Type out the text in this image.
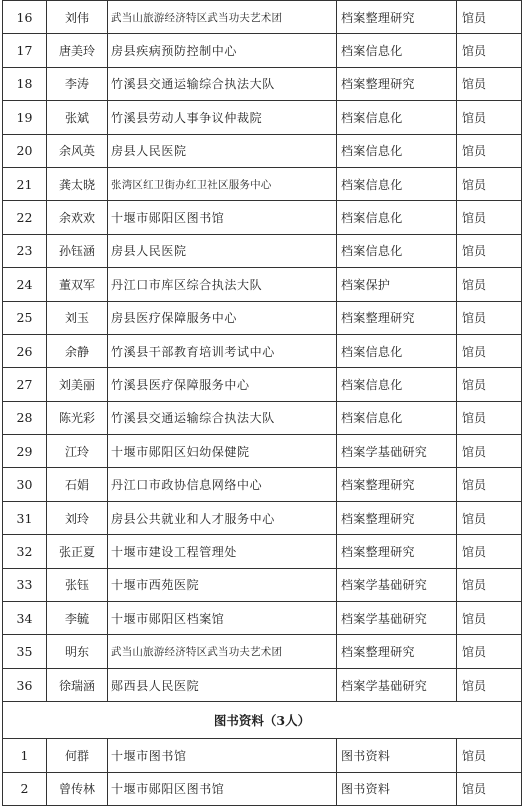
16	刘伟	武当山旅游经济特区武当功夫艺术团	档案整理研究	馆员
17	唐美玲	房县疾病预防控制中心	档案信息化	馆员
18	李涛	竹溪县交通运输综合执法大队	档案整理研究	馆员
19	张斌	竹溪县劳动人事争议仲裁院	档案信息化	馆员
20	余风英	房县人民医院	档案信息化	馆员
21	龚太晓	张湾区红卫街办红卫社区服务中心	档案信息化	馆员
22	余欢欢	十堰市郧阳区图书馆	档案信息化	馆员
23	孙钰涵	房县人民医院	档案信息化	馆员
24	董双军	丹江口市库区综合执法大队	档案保护	馆员
25	刘玉	房县医疗保障服务中心	档案整理研究	馆员
26	余静	竹溪县干部教育培训考试中心	档案信息化	馆员
27	刘美丽	竹溪县医疗保障服务中心	档案信息化	馆员
28	陈光彩	竹溪县交通运输综合执法大队	档案信息化	馆员
29	江玲	十堰市郧阳区妇幼保健院	档案学基础研究	馆员
30	石娟	丹江口市政协信息网络中心	档案整理研究	馆员
31	刘玲	房县公共就业和人才服务中心	档案整理研究	馆员
32	张正夏	十堰市建设工程管理处	档案整理研究	馆员
33	张钰	十堰市西苑医院	档案学基础研究	馆员
34	李毓	十堰市郧阳区档案馆	档案学基础研究	馆员
35	明东	武当山旅游经济特区武当功夫艺术团	档案整理研究	馆员
36	徐瑞涵	郧西县人民医院	档案学基础研究	馆员
图书资料（3人）				
1	何群	十堰市图书馆	图书资料	馆员
2	曾传林	十堰市郧阳区图书馆	图书资料	馆员
